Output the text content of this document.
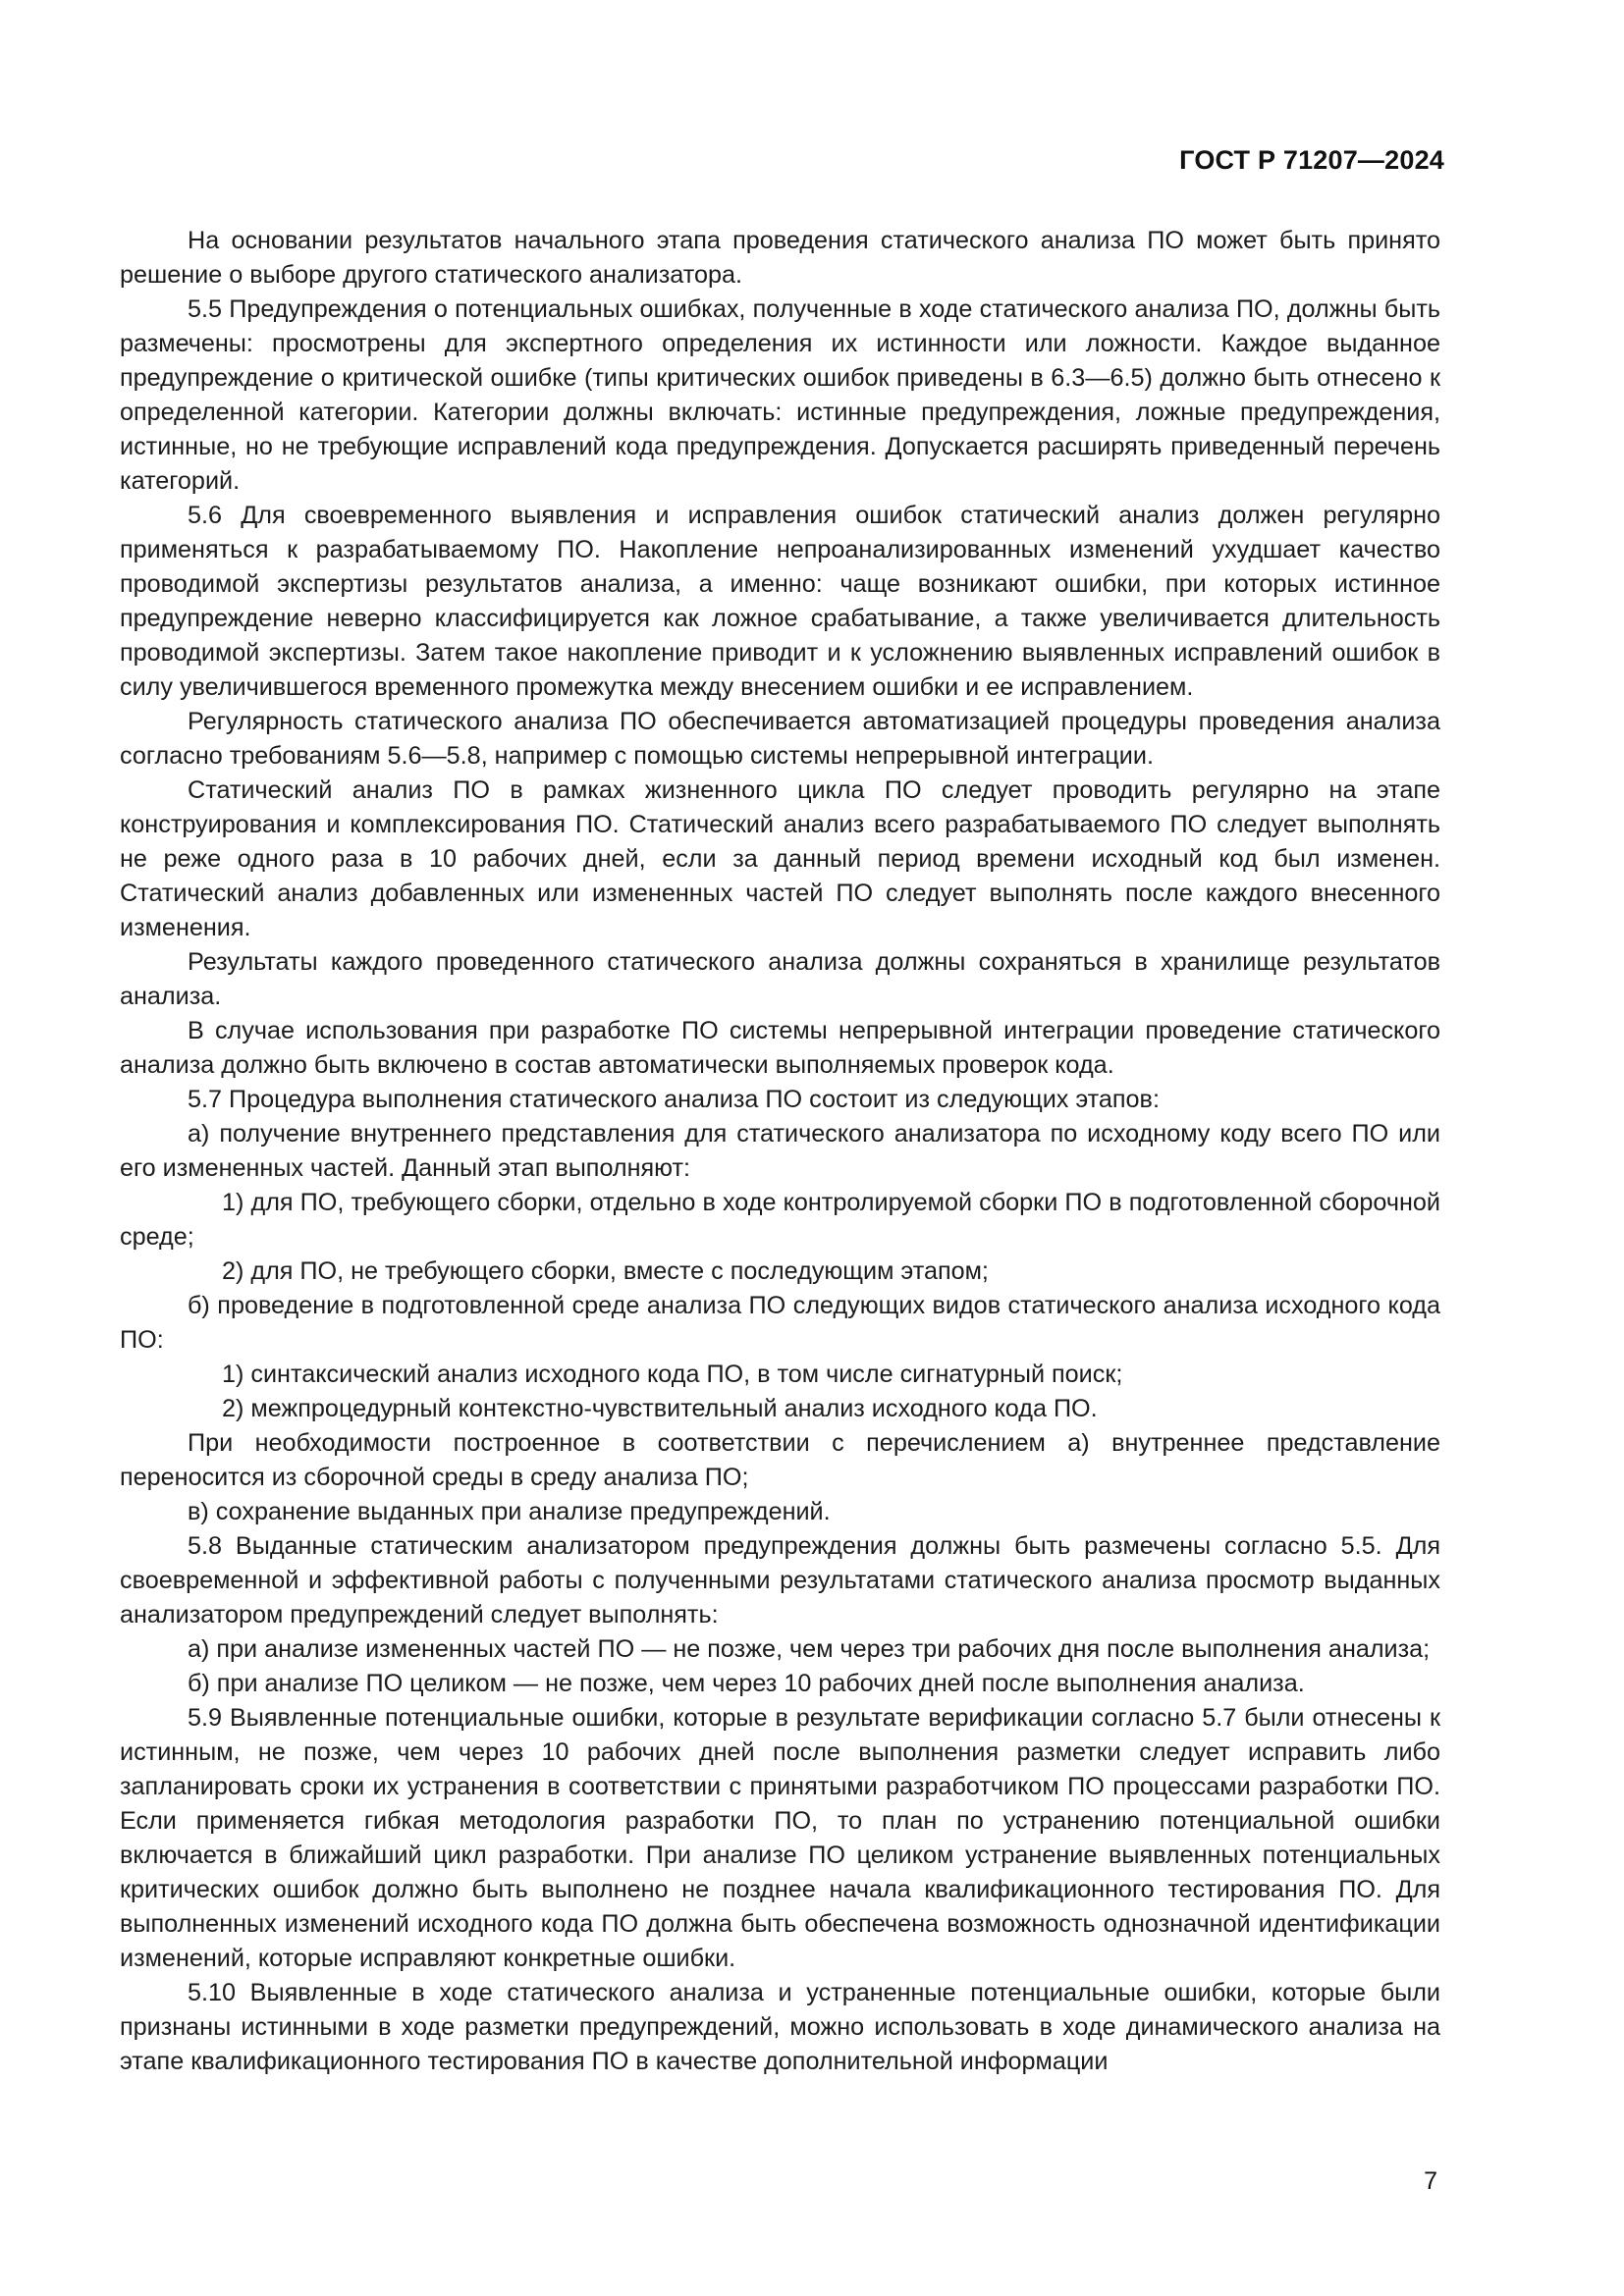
ГОСТ Р 71207—2024

На основании результатов начального этапа проведения статического анализа ПО может быть принято решение о выборе другого статического анализатора.

5.5 Предупреждения о потенциальных ошибках, полученные в ходе статического анализа ПО, должны быть размечены: просмотрены для экспертного определения их истинности или ложности. Каждое выданное предупреждение о критической ошибке (типы критических ошибок приведены в 6.3—6.5) должно быть отнесено к определенной категории. Категории должны включать: истинные предупреждения, ложные предупреждения, истинные, но не требующие исправлений кода предупреждения. Допускается расширять приведенный перечень категорий.

5.6 Для своевременного выявления и исправления ошибок статический анализ должен регулярно применяться к разрабатываемому ПО. Накопление непроанализированных изменений ухудшает качество проводимой экспертизы результатов анализа, а именно: чаще возникают ошибки, при которых истинное предупреждение неверно классифицируется как ложное срабатывание, а также увеличивается длительность проводимой экспертизы. Затем такое накопление приводит и к усложнению выявленных исправлений ошибок в силу увеличившегося временного промежутка между внесением ошибки и ее исправлением.

Регулярность статического анализа ПО обеспечивается автоматизацией процедуры проведения анализа согласно требованиям 5.6—5.8, например с помощью системы непрерывной интеграции.

Статический анализ ПО в рамках жизненного цикла ПО следует проводить регулярно на этапе конструирования и комплексирования ПО. Статический анализ всего разрабатываемого ПО следует выполнять не реже одного раза в 10 рабочих дней, если за данный период времени исходный код был изменен. Статический анализ добавленных или измененных частей ПО следует выполнять после каждого внесенного изменения.

Результаты каждого проведенного статического анализа должны сохраняться в хранилище результатов анализа.

В случае использования при разработке ПО системы непрерывной интеграции проведение статического анализа должно быть включено в состав автоматически выполняемых проверок кода.

5.7 Процедура выполнения статического анализа ПО состоит из следующих этапов:

а) получение внутреннего представления для статического анализатора по исходному коду всего ПО или его измененных частей. Данный этап выполняют:

1) для ПО, требующего сборки, отдельно в ходе контролируемой сборки ПО в подготовленной сборочной среде;

2) для ПО, не требующего сборки, вместе с последующим этапом;

б) проведение в подготовленной среде анализа ПО следующих видов статического анализа исходного кода ПО:

1) синтаксический анализ исходного кода ПО, в том числе сигнатурный поиск;

2) межпроцедурный контекстно-чувствительный анализ исходного кода ПО.

При необходимости построенное в соответствии с перечислением а) внутреннее представление переносится из сборочной среды в среду анализа ПО;

в) сохранение выданных при анализе предупреждений.

5.8 Выданные статическим анализатором предупреждения должны быть размечены согласно 5.5. Для своевременной и эффективной работы с полученными результатами статического анализа просмотр выданных анализатором предупреждений следует выполнять:

а) при анализе измененных частей ПО — не позже, чем через три рабочих дня после выполнения анализа;

б) при анализе ПО целиком — не позже, чем через 10 рабочих дней после выполнения анализа.

5.9 Выявленные потенциальные ошибки, которые в результате верификации согласно 5.7 были отнесены к истинным, не позже, чем через 10 рабочих дней после выполнения разметки следует исправить либо запланировать сроки их устранения в соответствии с принятыми разработчиком ПО процессами разработки ПО. Если применяется гибкая методология разработки ПО, то план по устранению потенциальной ошибки включается в ближайший цикл разработки. При анализе ПО целиком устранение выявленных потенциальных критических ошибок должно быть выполнено не позднее начала квалификационного тестирования ПО. Для выполненных изменений исходного кода ПО должна быть обеспечена возможность однозначной идентификации изменений, которые исправляют конкретные ошибки.

5.10 Выявленные в ходе статического анализа и устраненные потенциальные ошибки, которые были признаны истинными в ходе разметки предупреждений, можно использовать в ходе динамического анализа на этапе квалификационного тестирования ПО в качестве дополнительной информации

7
